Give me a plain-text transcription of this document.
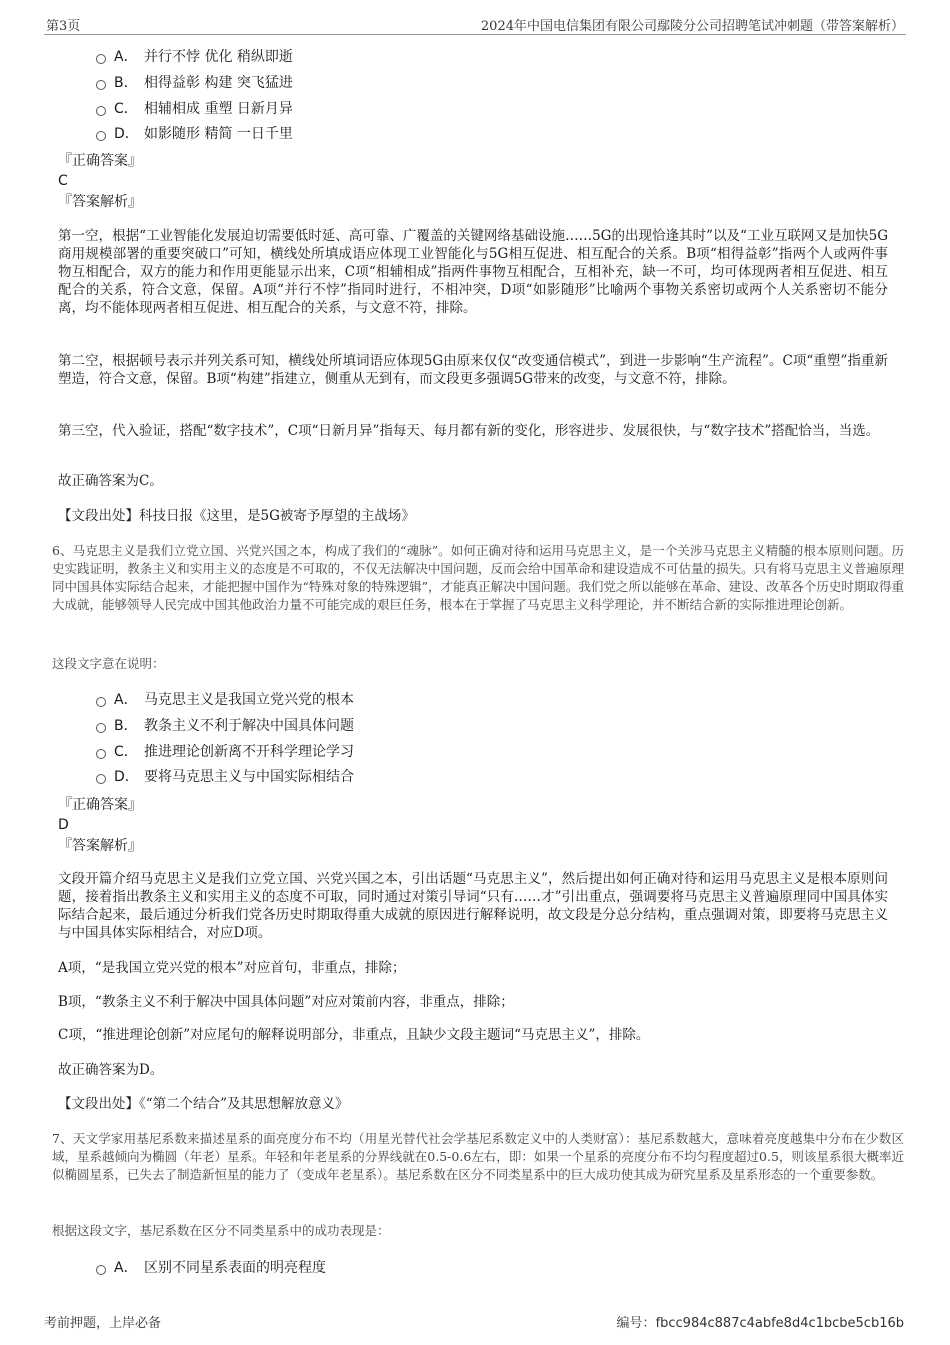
第3页	2024年中国电信集团有限公司鄢陵分公司招聘笔试冲刺题（带答案解析）
A． 并行不悖 优化 稍纵即逝
B． 相得益彰 构建 突飞猛进
C． 相辅相成 重塑 日新月异
D． 如影随形 精简 一日千里
『正确答案』
C
『答案解析』
第一空，根据“工业智能化发展迫切需要低时延、高可靠、广覆盖的关键网络基础设施……5G的出现恰逢其时”以及“工业互联网又是加快5G商用规模部署的重要突破口”可知，横线处所填成语应体现工业智能化与5G相互促进、相互配合的关系。B项“相得益彰”指两个人或两件事物互相配合，双方的能力和作用更能显示出来，C项“相辅相成”指两件事物互相配合，互相补充，缺一不可，均可体现两者相互促进、相互配合的关系，符合文意，保留。A项“并行不悖”指同时进行，不相冲突，D项“如影随形”比喻两个事物关系密切或两个人关系密切不能分离，均不能体现两者相互促进、相互配合的关系，与文意不符，排除。
第二空，根据顿号表示并列关系可知，横线处所填词语应体现5G由原来仅仅“改变通信模式”，到进一步影响“生产流程”。C项“重塑”指重新塑造，符合文意，保留。B项“构建”指建立，侧重从无到有，而文段更多强调5G带来的改变，与文意不符，排除。
第三空，代入验证，搭配“数字技术”，C项“日新月异”指每天、每月都有新的变化，形容进步、发展很快，与“数字技术”搭配恰当，当选。
故正确答案为C。
【文段出处】科技日报《这里，是5G被寄予厚望的主战场》
6、马克思主义是我们立党立国、兴党兴国之本，构成了我们的“魂脉”。如何正确对待和运用马克思主义，是一个关涉马克思主义精髓的根本原则问题。历史实践证明，教条主义和实用主义的态度是不可取的，不仅无法解决中国问题，反而会给中国革命和建设造成不可估量的损失。只有将马克思主义普遍原理同中国具体实际结合起来，才能把握中国作为“特殊对象的特殊逻辑”，才能真正解决中国问题。我们党之所以能够在革命、建设、改革各个历史时期取得重大成就，能够领导人民完成中国其他政治力量不可能完成的艰巨任务，根本在于掌握了马克思主义科学理论，并不断结合新的实际推进理论创新。
这段文字意在说明：
A． 马克思主义是我国立党兴党的根本
B． 教条主义不利于解决中国具体问题
C． 推进理论创新离不开科学理论学习
D． 要将马克思主义与中国实际相结合
『正确答案』
D
『答案解析』
文段开篇介绍马克思主义是我们立党立国、兴党兴国之本，引出话题“马克思主义”，然后提出如何正确对待和运用马克思主义是根本原则问题，接着指出教条主义和实用主义的态度不可取，同时通过对策引导词“只有……才”引出重点，强调要将马克思主义普遍原理同中国具体实际结合起来，最后通过分析我们党各历史时期取得重大成就的原因进行解释说明，故文段是分总分结构，重点强调对策，即要将马克思主义与中国具体实际相结合，对应D项。
A项，“是我国立党兴党的根本”对应首句，非重点，排除；
B项，“教条主义不利于解决中国具体问题”对应对策前内容，非重点，排除；
C项，“推进理论创新”对应尾句的解释说明部分，非重点，且缺少文段主题词“马克思主义”，排除。
故正确答案为D。
【文段出处】《“第二个结合”及其思想解放意义》
7、天文学家用基尼系数来描述星系的面亮度分布不均（用星光替代社会学基尼系数定义中的人类财富）：基尼系数越大，意味着亮度越集中分布在少数区域，星系越倾向为椭圆（年老）星系。年轻和年老星系的分界线就在0.5-0.6左右，即：如果一个星系的亮度分布不均匀程度超过0.5，则该星系很大概率近似椭圆星系，已失去了制造新恒星的能力了（变成年老星系）。基尼系数在区分不同类星系中的巨大成功使其成为研究星系及星系形态的一个重要参数。
根据这段文字，基尼系数在区分不同类星系中的成功表现是：
A． 区别不同星系表面的明亮程度
考前押题，上岸必备	编号：fbcc984c887c4abfe8d4c1bcbe5cb16b
